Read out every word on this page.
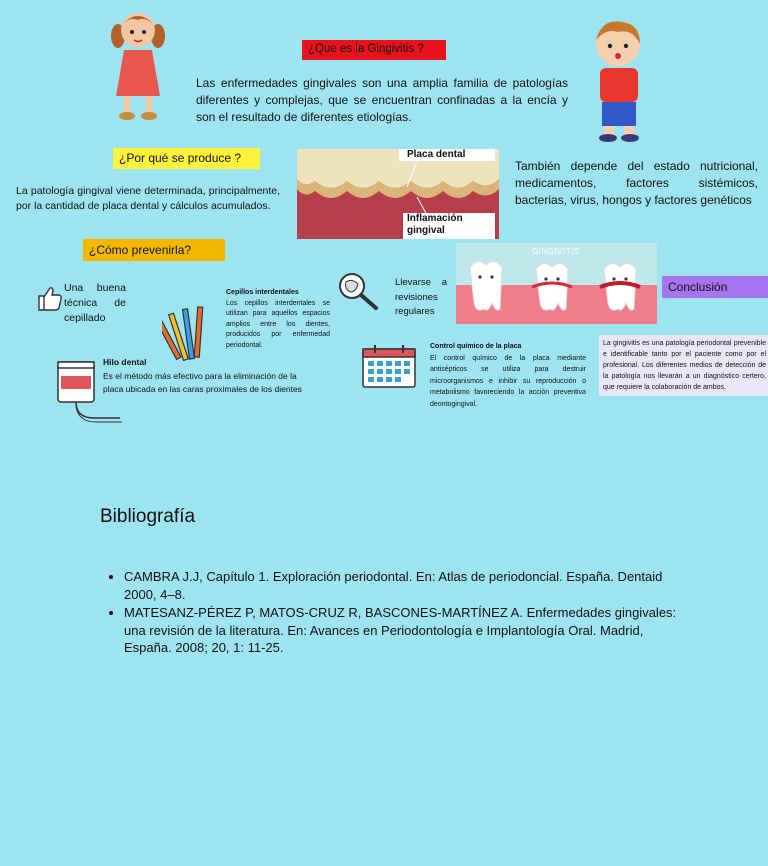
¿Que es la Gingivitis ?
Las enfermedades gingivales son una amplia familia de patologías diferentes y complejas, que se encuentran confinadas a la encía y son el resultado de diferentes etiologías.
¿Por qué se produce ?
La patología gingival viene determinada, principalmente, por la cantidad de placa dental y cálculos acumulados.
Placa dental
Inflamación
gingival
También depende del estado nutricional, medicamentos, factores sistémicos, bacterias, virus, hongos y factores genéticos
¿Cómo prevenirla?
Una buena técnica de cepillado
Cepillos interdentales
Los cepillos interdentales se utilizan para aquellos espacios amplios entre los dientes, producidos por enfermedad periodontal.
Llevarse a revisiones regulares
GINGIVITIS
Conclusión
La gingivitis es una patología periodontal prevenible e identificable tanto por el paciente como por el profesional. Los diferentes medios de detección de la patología nos llevarán a un diagnóstico certero, que requiere la colaboración de ambos.
Hilo dental
Es el método más efectivo para la eliminación de la placa ubicada en las caras proximales de los dientes
Control químico de la placa
El control químico de la placa mediante antisépticos se utiliza para destruir microorganismos e inhibir su reproducción o metabolismo favoreciendo la acción preventiva deontogingival.
Bibliografía
• CAMBRA J.J, Capítulo 1. Exploración periodontal. En: Atlas de periodoncial. España. Dentaid 2000, 4–8.
• MATESANZ-PÉREZ P, MATOS-CRUZ R, BASCONES-MARTÍNEZ A. Enfermedades gingivales: una revisión de la literatura. En: Avances en Periodontología e Implantología Oral. Madrid, España. 2008; 20, 1: 11-25.
